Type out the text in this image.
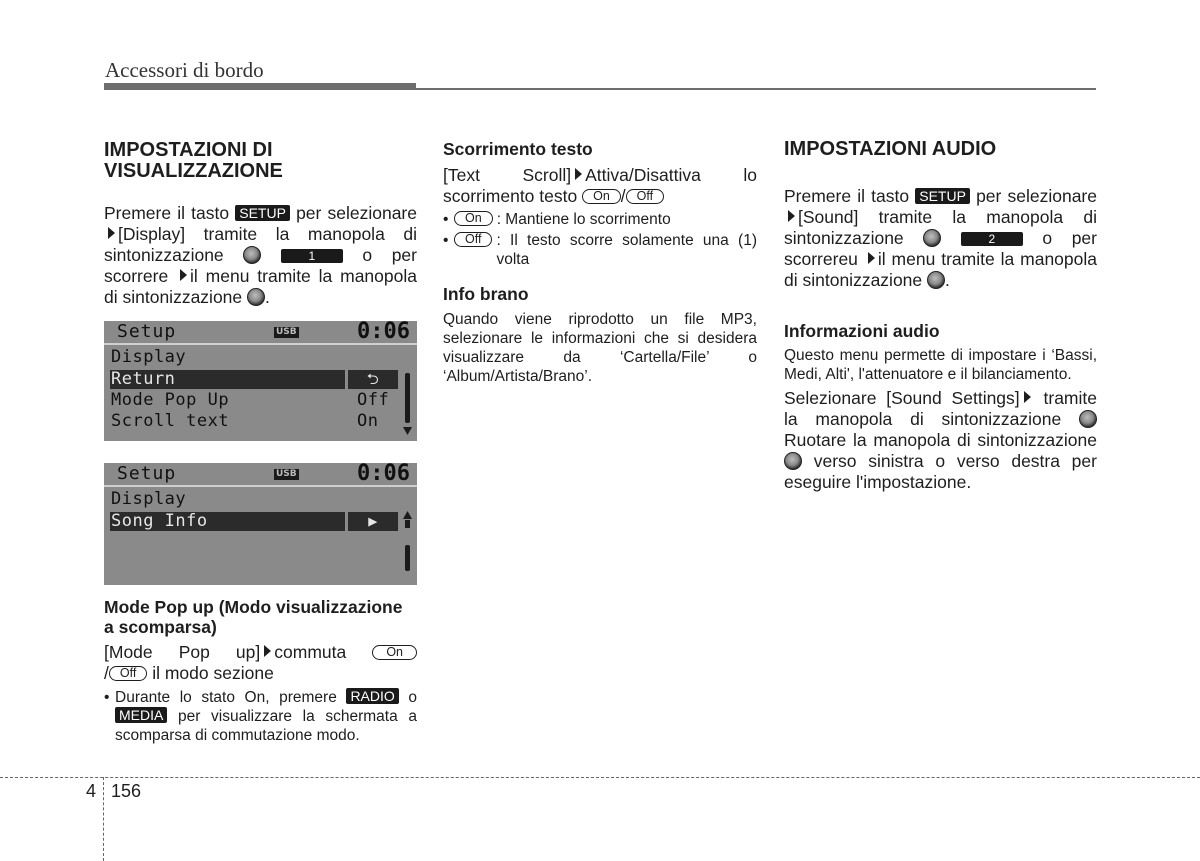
Accessori di bordo
IMPOSTAZIONI DI VISUALIZZAZIONE
Premere il tasto SETUP per selezionare [Display] tramite la manopola di sintonizzazione	1	o per scorrere il menu tramite la manopola di sintonizzazione .
Setup	USB	0:06
Display
Return	⮌
Mode Pop Up	Off
Scroll text	On
Setup	USB	0:06
Display
Song Info	▶
Mode Pop up (Modo visualizzazione a scomparsa)
[Mode Pop up] commuta	On
/ Off il modo sezione
• Durante lo stato On, premere RADIO o MEDIA per visualizzare la schermata a scomparsa di commutazione modo.
Scorrimento testo
[Text Scroll] Attiva/Disattiva lo scorrimento testo On / Off
•	On : Mantiene lo scorrimento
•	Off : Il testo scorre solamente una (1) volta
Info brano
Quando viene riprodotto un file MP3, selezionare le informazioni che si desidera visualizzare da ‘Cartella/File’ o ‘Album/Artista/Brano’.
IMPOSTAZIONI AUDIO
Premere il tasto SETUP per selezionare [Sound] tramite la manopola di sintonizzazione	2	o per scorrereu il menu tramite la manopola di sintonizzazione .
Informazioni audio
Questo menu permette di impostare i ‘Bassi, Medi, Alti', l'attenuatore e il bilanciamento.
Selezionare [Sound Settings] tramite la manopola di sintonizzazione  Ruotare la manopola di sintonizzazione  verso sinistra o verso destra per eseguire l'impostazione.
4 156
